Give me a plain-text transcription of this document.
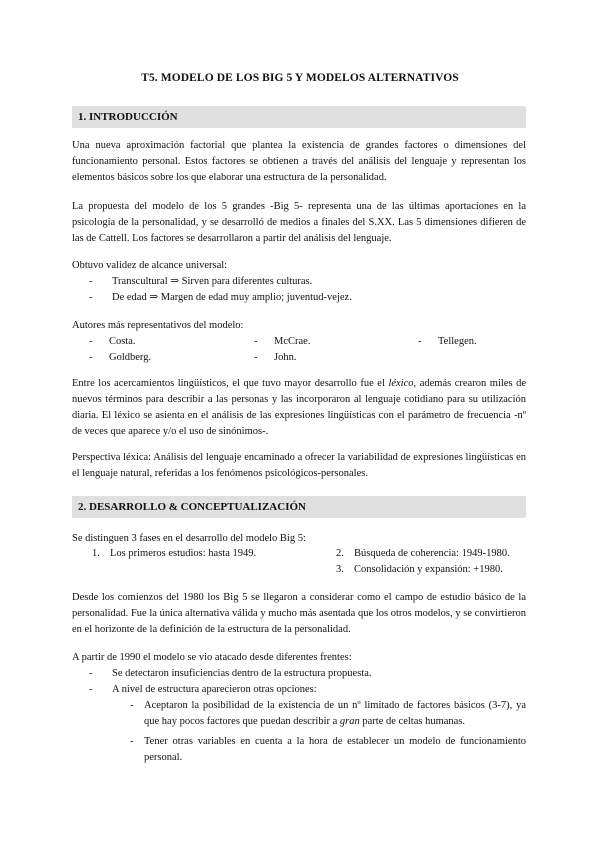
T5. MODELO DE LOS BIG 5 Y MODELOS ALTERNATIVOS
1. INTRODUCCIÓN

Una nueva aproximación factorial que plantea la existencia de grandes factores o dimensiones del funcionamiento personal. Estos factores se obtienen a través del análisis del lenguaje y representan los elementos básicos sobre los que elaborar una estructura de la personalidad.

La propuesta del modelo de los 5 grandes -Big 5- representa una de las últimas aportaciones en la psicología de la personalidad, y se desarrolló de medios a finales del S.XX. Las 5 dimensiones difieren de las de Cattell. Los factores se desarrollaron a partir del análisis del lenguaje.

Obtuvo validez de alcance universal:
- Transcultural ⇒ Sirven para diferentes culturas.
- De edad ⇒ Margen de edad muy amplio; juventud-vejez.
Autores más representativos del modelo:
- Costa.	- McCrae.	- Tellegen.
- Goldberg.	- John.

Entre los acercamientos lingüísticos, el que tuvo mayor desarrollo fue el léxico, además crearon miles de nuevos términos para describir a las personas y las incorporaron al lenguaje cotidiano para su utilización diaria. El léxico se asienta en el análisis de las expresiones lingüísticas con el parámetro de frecuencia -nº de veces que aparece y/o el uso de sinónimos-.

Perspectiva léxica: Análisis del lenguaje encaminado a ofrecer la variabilidad de expresiones lingüísticas en el lenguaje natural, referidas a los fenómenos psicológicos-personales.

2. DESARROLLO & CONCEPTUALIZACIÓN
Se distinguen 3 fases en el desarrollo del modelo Big 5:
1. Los primeros estudios: hasta 1949.	2. Búsqueda de coherencia: 1949-1980.
3. Consolidación y expansión: +1980.

Desde los comienzos del 1980 los Big 5 se llegaron a considerar como el campo de estudio básico de la personalidad. Fue la única alternativa válida y mucho más asentada que los otros modelos, y se convirtieron en el horizonte de la definición de la estructura de la personalidad.

A partir de 1990 el modelo se vio atacado desde diferentes frentes:
- Se detectaron insuficiencias dentro de la estructura propuesta.
- A nivel de estructura aparecieron otras opciones:
- Aceptaron la posibilidad de la existencia de un nº limitado de factores básicos (3-7), ya que hay pocos factores que puedan describir a gran parte de celtas humanas.
- Tener otras variables en cuenta a la hora de establecer un modelo de funcionamiento personal.
